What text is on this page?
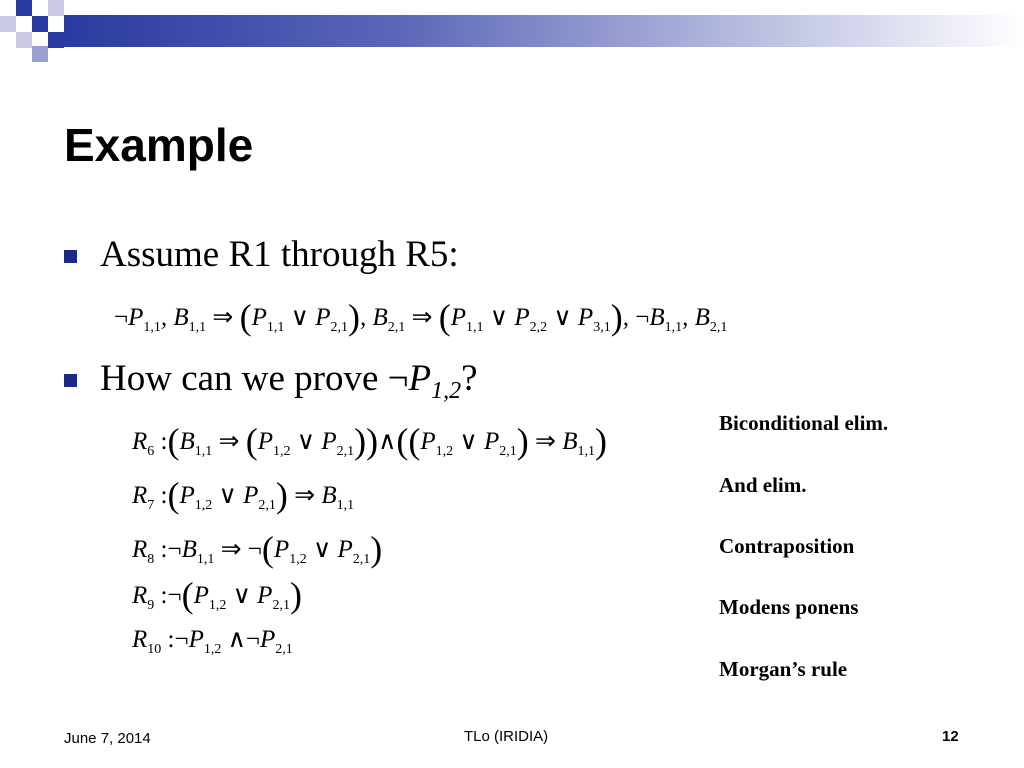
Example
Assume R1 through R5:
$\neg P_{1,1}$, $B_{1,1}$ ⇒ ($P_{1,1}$ ∨ $P_{2,1}$), $B_{2,1}$ ⇒ ($P_{1,1}$ ∨ $P_{2,2}$ ∨ $P_{3,1}$), $\neg B_{1,1}$, $B_{2,1}$
How can we prove $\neg P_{1,2}$?
$R_6$ $:(B_{1,1}$ ⇒ ($P_{1,2}$ ∨ $P_{2,1}))\wedge((P_{1,2}$ ∨ $P_{2,1}$) ⇒ $B_{1,1}$)
$R_7$ $:(P_{1,2}$ ∨ $P_{2,1}$) ⇒ $B_{1,1}$
$R_8$ $:\neg B_{1,1}$ ⇒ $\neg(P_{1,2}$ ∨ $P_{2,1}$)
$R_9$ $:\neg(P_{1,2}$ ∨ $P_{2,1}$)
$R_{10}$ $:\neg P_{1,2}$ $\wedge\neg P_{2,1}$
Biconditional elim.
And elim.
Contraposition
Modens ponens
Morgan’s rule
June 7, 2014	TLo (IRIDIA)	12
